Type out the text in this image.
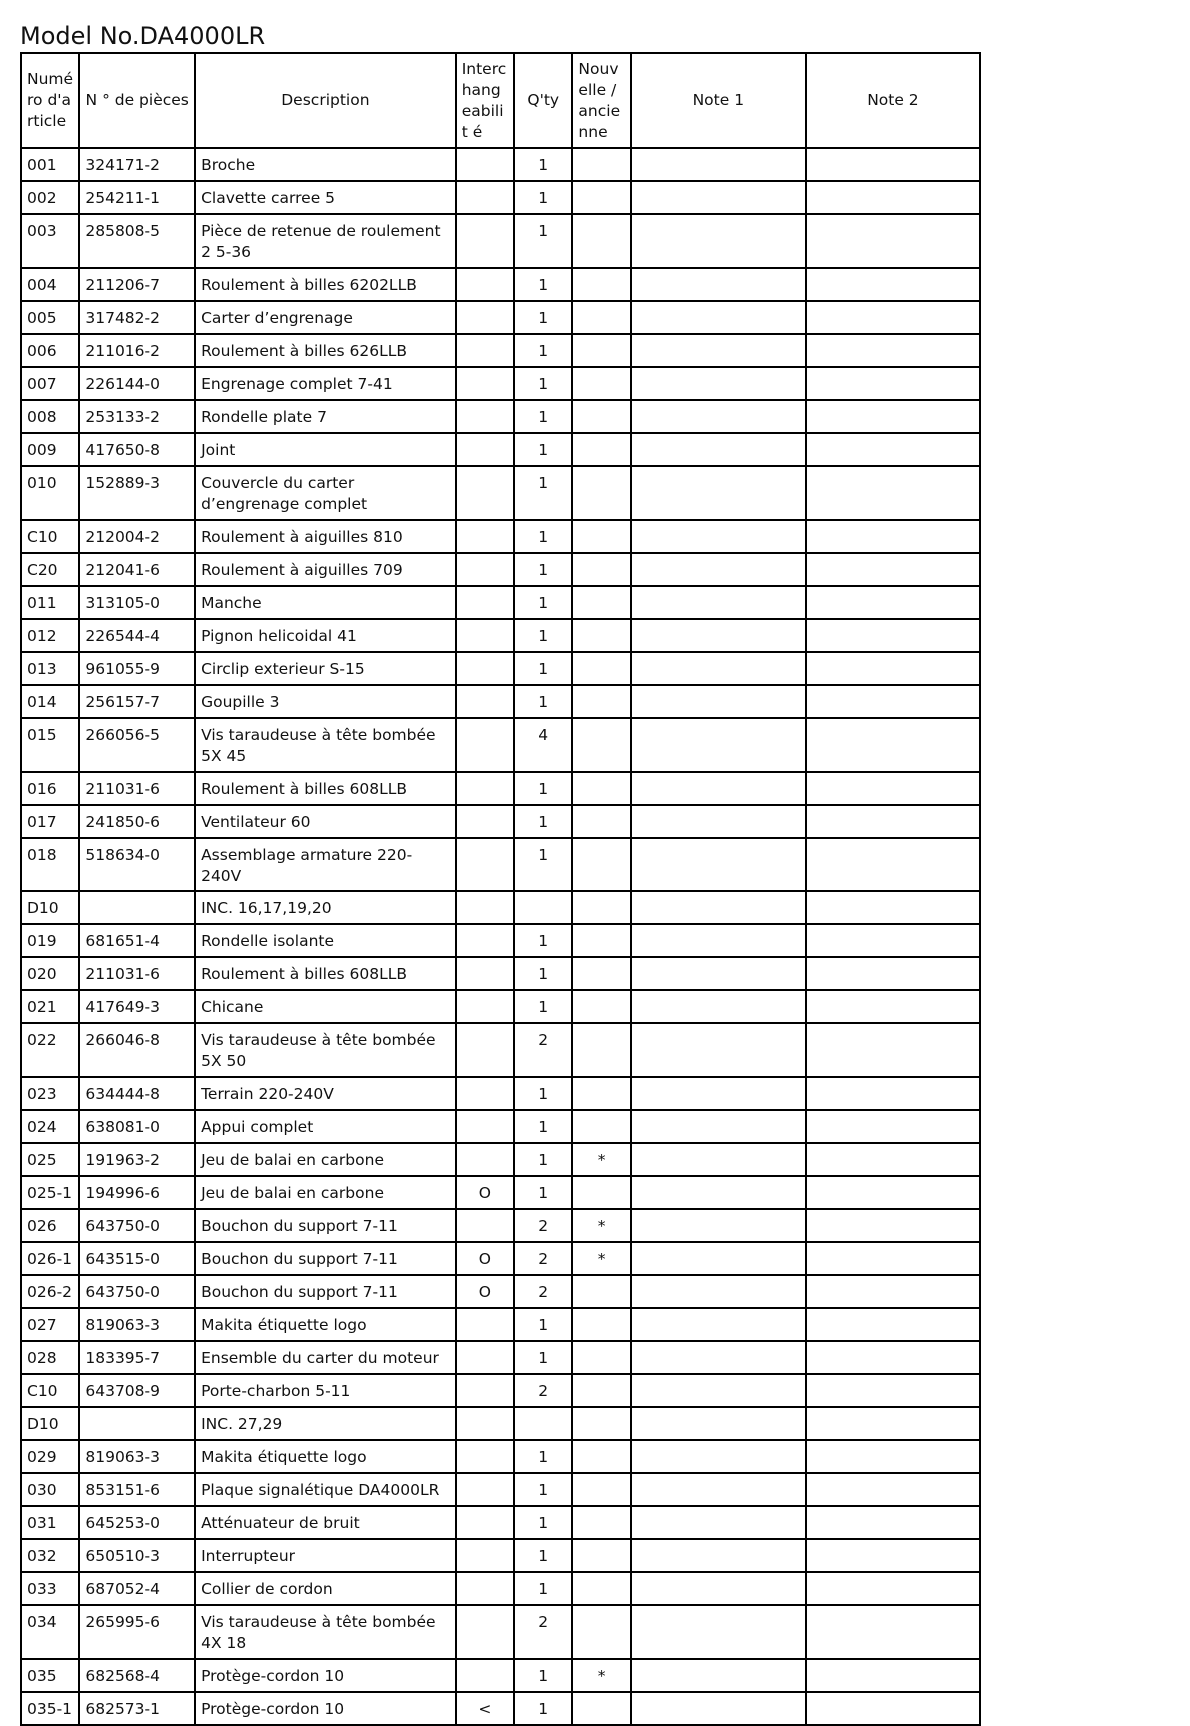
Model No.DA4000LR
Numé ro d'a rticle	N ° de pièces	Description	Interc hang eabilit é	Q'ty	Nouv elle / ancie nne	Note 1	Note 2
001	324171-2	Broche		1			
002	254211-1	Clavette carree 5		1			
003	285808-5	Pièce de retenue de roulement 2 5-36		1			
004	211206-7	Roulement à billes 6202LLB		1			
005	317482-2	Carter d’engrenage		1			
006	211016-2	Roulement à billes 626LLB		1			
007	226144-0	Engrenage complet 7-41		1			
008	253133-2	Rondelle plate 7		1			
009	417650-8	Joint		1			
010	152889-3	Couvercle du carter d’engrenage complet		1			
C10	212004-2	Roulement à aiguilles 810		1			
C20	212041-6	Roulement à aiguilles 709		1			
011	313105-0	Manche		1			
012	226544-4	Pignon helicoidal 41		1			
013	961055-9	Circlip exterieur S-15		1			
014	256157-7	Goupille 3		1			
015	266056-5	Vis taraudeuse à tête bombée 5X 45		4			
016	211031-6	Roulement à billes 608LLB		1			
017	241850-6	Ventilateur 60		1			
018	518634-0	Assemblage armature 220-240V		1			
D10		INC. 16,17,19,20					
019	681651-4	Rondelle isolante		1			
020	211031-6	Roulement à billes 608LLB		1			
021	417649-3	Chicane		1			
022	266046-8	Vis taraudeuse à tête bombée 5X 50		2			
023	634444-8	Terrain 220-240V		1			
024	638081-0	Appui complet		1			
025	191963-2	Jeu de balai en carbone		1	*		
025-1	194996-6	Jeu de balai en carbone	O	1			
026	643750-0	Bouchon du support 7-11		2	*		
026-1	643515-0	Bouchon du support 7-11	O	2	*		
026-2	643750-0	Bouchon du support 7-11	O	2			
027	819063-3	Makita étiquette logo		1			
028	183395-7	Ensemble du carter du moteur		1			
C10	643708-9	Porte-charbon 5-11		2			
D10		INC. 27,29					
029	819063-3	Makita étiquette logo		1			
030	853151-6	Plaque signalétique DA4000LR		1			
031	645253-0	Atténuateur de bruit		1			
032	650510-3	Interrupteur		1			
033	687052-4	Collier de cordon		1			
034	265995-6	Vis taraudeuse à tête bombée 4X 18		2			
035	682568-4	Protège-cordon 10		1	*		
035-1	682573-1	Protège-cordon 10	<	1			
